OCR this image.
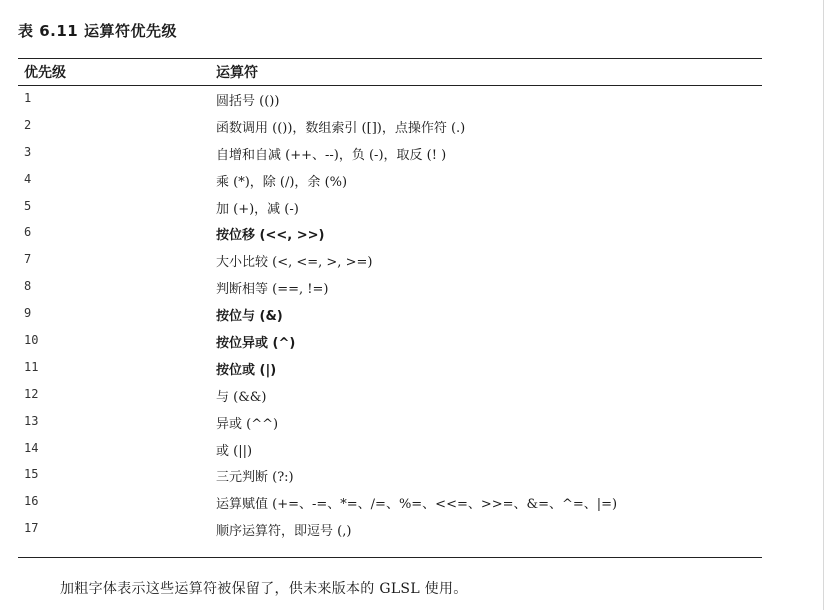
表 6.11 运算符优先级
优先级	运算符
1	圆括号 (())
2	函数调用 (())，数组索引 ([])，点操作符 (.)
3	自增和自减 (++、--)，负 (-)，取反 (! )
4	乘 (*)，除 (/)，余 (%)
5	加 (+)，减 (-)
6	按位移 (<<, >>)
7	大小比较 (<, <=, >, >=)
8	判断相等 (==, !=)
9	按位与 (&)
10	按位异或 (^)
11	按位或 (|)
12	与 (&&)
13	异或 (^^)
14	或 (||)
15	三元判断 (?:)
16	运算赋值 (+=、-=、*=、/=、%=、<<=、>>=、&=、^=、|=)
17	顺序运算符，即逗号 (,)
加粗字体表示这些运算符被保留了，供未来版本的 GLSL 使用。
